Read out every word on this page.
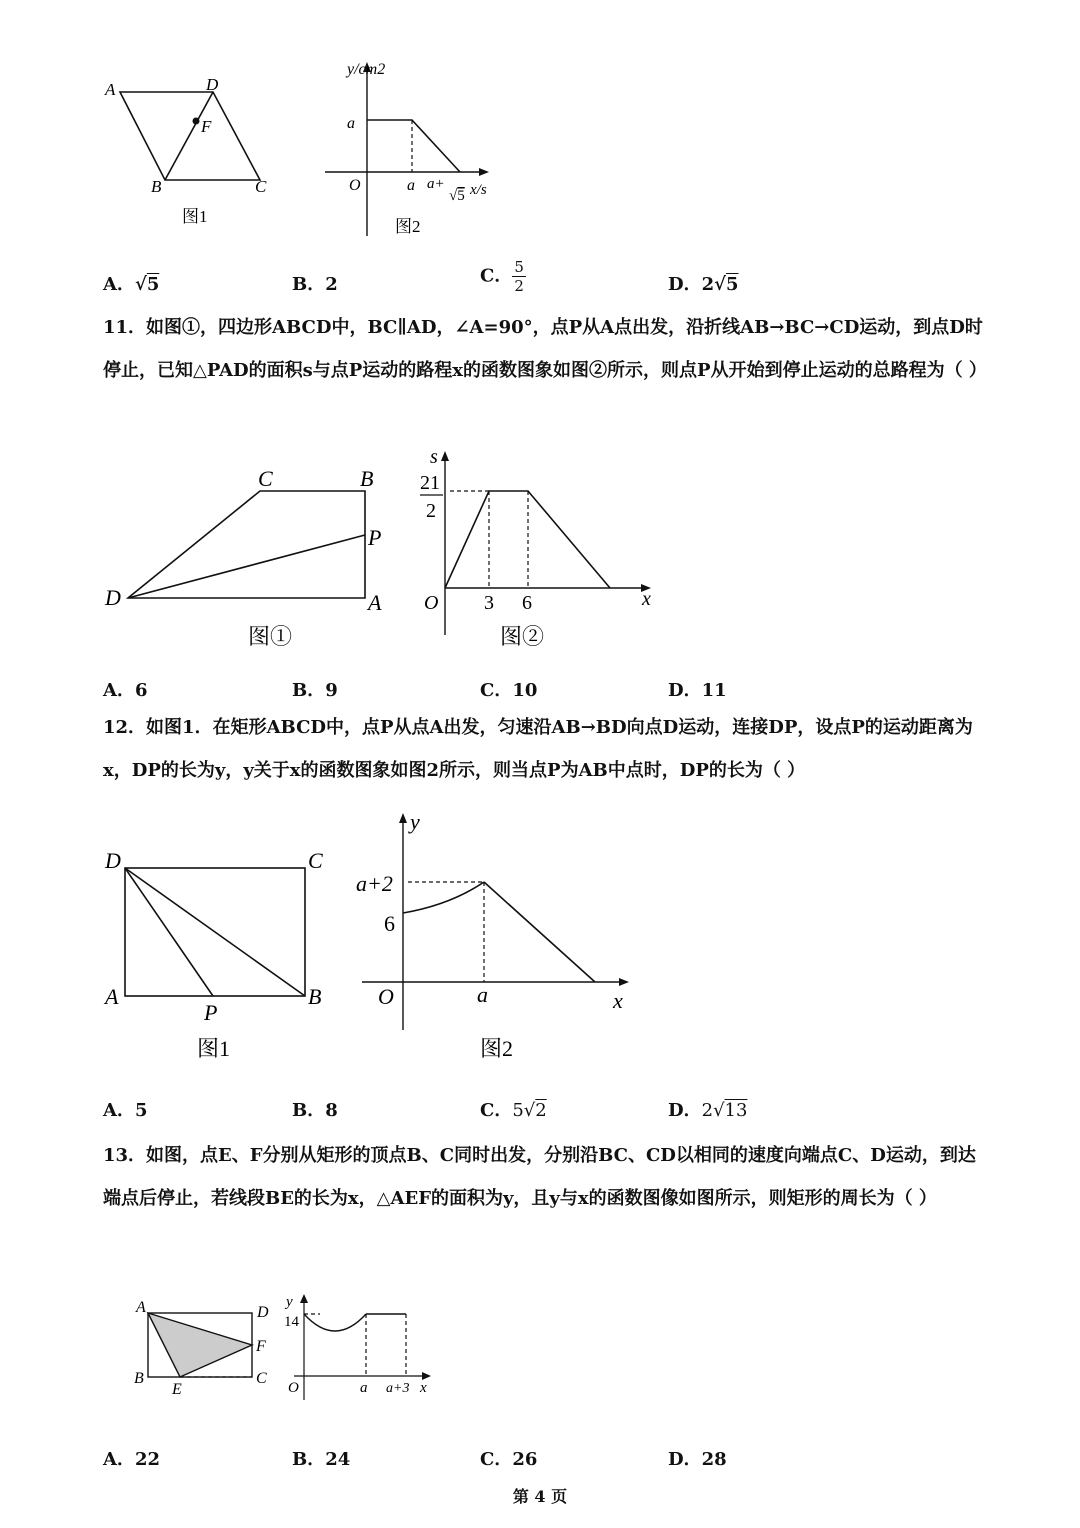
A	D
F
B	C
图1
y/cm2
a
O	a a+
√5 x/s
图2
A．√5	B．2	C． $\frac{5}{2}$	D．2√5

11．如图①，四边形ABCD中，BC∥AD，∠A=90°，点P从A点出发，沿折线AB→BC→CD运动，到点D时停止，已知△PAD的面积s与点P运动的路程x的函数图象如图②所示，则点P从开始到停止运动的总路程为（ ）

C	B
P
D	A
图①
s
21
2
O 3 6	x
图②
A．6	B．9	C．10	D．11

12．如图1．在矩形ABCD中，点P从点A出发，匀速沿AB→BD向点D运动，连接DP，设点P的运动距离为x，DP的长为y，y关于x的函数图象如图2所示，则当点P为AB中点时，DP的长为（ ）

D	C
A
P
B
图1
y
a+2
6
O	a	x
图2
A．5	B．8	C．5√2	D．2√13

13．如图，点E、F分别从矩形的顶点B、C同时出发，分别沿BC、CD以相同的速度向端点C、D运动，到达端点后停止，若线段BE的长为x，△AEF的面积为y，且y与x的函数图像如图所示，则矩形的周长为（ ）

A	D
F
B
E
C
y
14
O	a a+3 x
A．22	B．24	C．26	D．28
第 4 页
